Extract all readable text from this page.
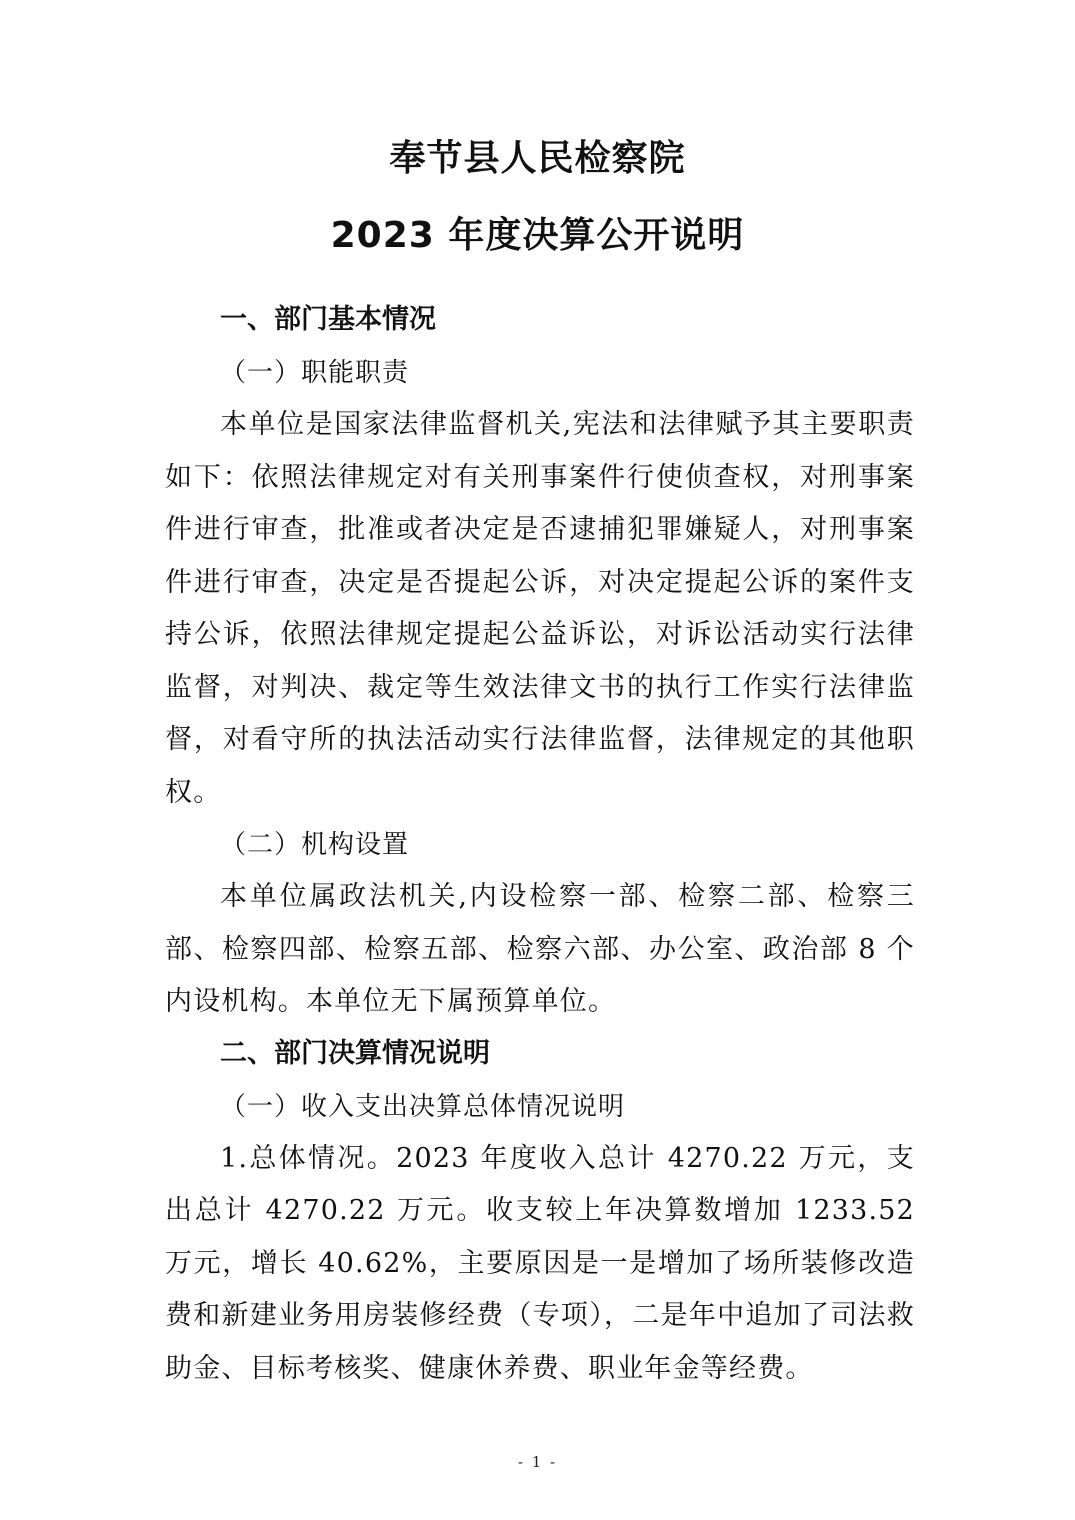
奉节县人民检察院
2023 年度决算公开说明
一、部门基本情况
（一）职能职责

本单位是国家法律监督机关,宪法和法律赋予其主要职责如下：依照法律规定对有关刑事案件行使侦查权，对刑事案件进行审查，批准或者决定是否逮捕犯罪嫌疑人，对刑事案件进行审查，决定是否提起公诉，对决定提起公诉的案件支持公诉，依照法律规定提起公益诉讼，对诉讼活动实行法律监督，对判决、裁定等生效法律文书的执行工作实行法律监督，对看守所的执法活动实行法律监督，法律规定的其他职权。

（二）机构设置

本单位属政法机关,内设检察一部、检察二部、检察三部、检察四部、检察五部、检察六部、办公室、政治部 8 个内设机构。本单位无下属预算单位。

二、部门决算情况说明
（一）收入支出决算总体情况说明

1.总体情况。2023 年度收入总计 4270.22 万元，支出总计 4270.22 万元。收支较上年决算数增加 1233.52 万元，增长 40.62%，主要原因是一是增加了场所装修改造费和新建业务用房装修经费（专项），二是年中追加了司法救助金、目标考核奖、健康休养费、职业年金等经费。

- 1 -
